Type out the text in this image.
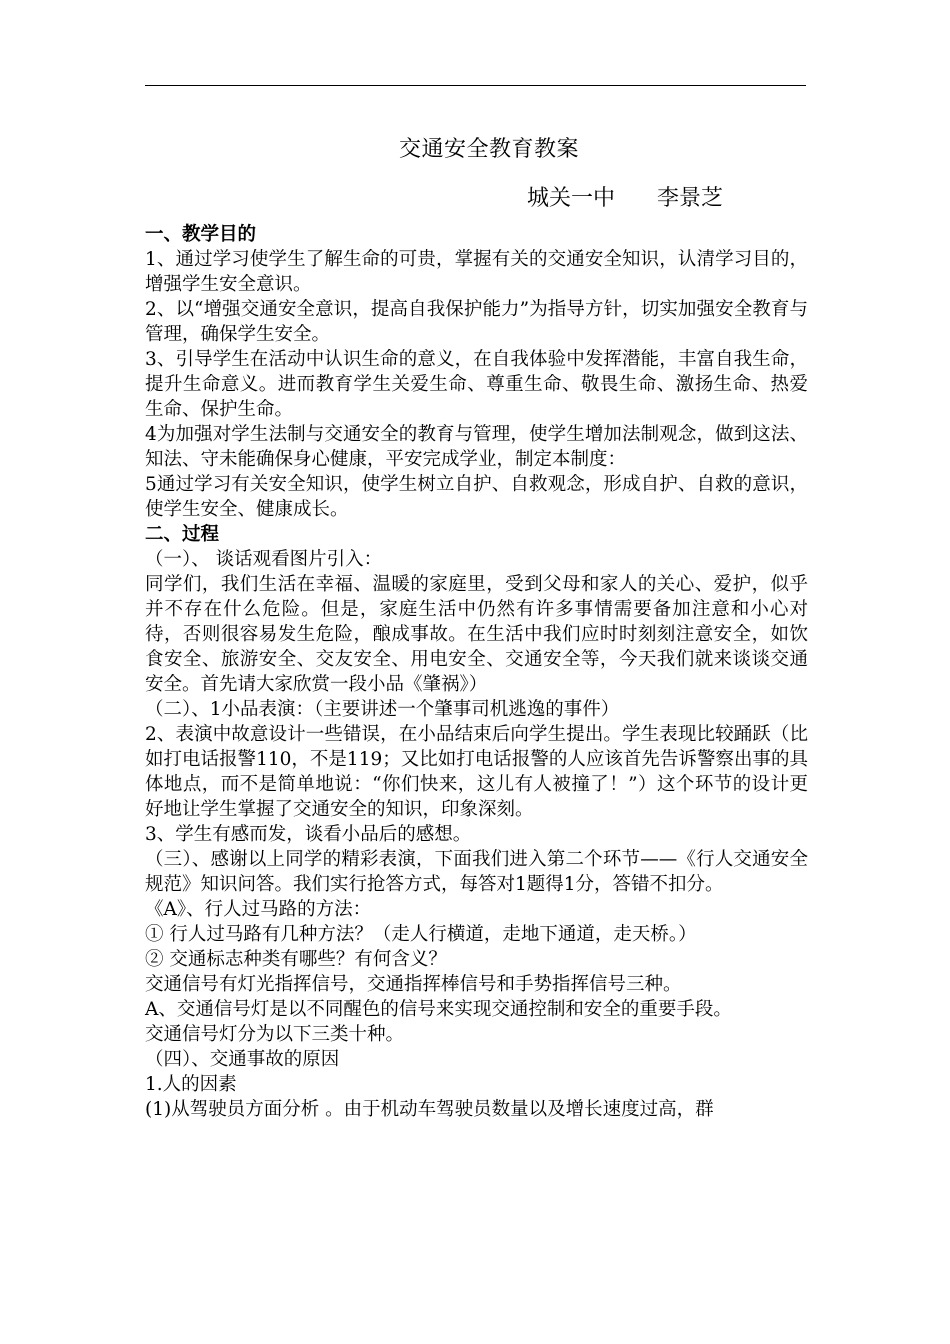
交通安全教育教案
城关一中      李景芝

一、教学目的

1、通过学习使学生了解生命的可贵，掌握有关的交通安全知识，认清学习目的，增强学生安全意识。

2、以“增强交通安全意识，提高自我保护能力”为指导方针，切实加强安全教育与管理，确保学生安全。

3、引导学生在活动中认识生命的意义，在自我体验中发挥潜能，丰富自我生命，提升生命意义。进而教育学生关爱生命、尊重生命、敬畏生命、激扬生命、热爱生命、保护生命。

4为加强对学生法制与交通安全的教育与管理，使学生增加法制观念，做到这法、知法、守未能确保身心健康，平安完成学业，制定本制度：

5通过学习有关安全知识，使学生树立自护、自救观念，形成自护、自救的意识，使学生安全、健康成长。

二、过程

（一）、 谈话观看图片引入：

同学们，我们生活在幸福、温暖的家庭里，受到父母和家人的关心、爱护，似乎并不存在什么危险。但是，家庭生活中仍然有许多事情需要备加注意和小心对待，否则很容易发生危险，酿成事故。在生活中我们应时时刻刻注意安全，如饮食安全、旅游安全、交友安全、用电安全、交通安全等，今天我们就来谈谈交通安全。首先请大家欣赏一段小品《肇祸》）

（二）、1小品表演：（主要讲述一个肇事司机逃逸的事件）

2、表演中故意设计一些错误，在小品结束后向学生提出。学生表现比较踊跃（比如打电话报警110，不是119；又比如打电话报警的人应该首先告诉警察出事的具体地点，而不是简单地说：“你们快来，这儿有人被撞了！”）这个环节的设计更好地让学生掌握了交通安全的知识，印象深刻。

3、学生有感而发，谈看小品后的感想。

（三）、感谢以上同学的精彩表演，下面我们进入第二个环节——《行人交通安全规范》知识问答。我们实行抢答方式，每答对1题得1分，答错不扣分。

《A》、行人过马路的方法：

① 行人过马路有几种方法？（走人行横道，走地下通道，走天桥。）

② 交通标志种类有哪些？有何含义？

交通信号有灯光指挥信号，交通指挥棒信号和手势指挥信号三种。

A、交通信号灯是以不同醒色的信号来实现交通控制和安全的重要手段。

交通信号灯分为以下三类十种。

（四）、交通事故的原因

1.人的因素

(1)从驾驶员方面分析 。由于机动车驾驶员数量以及增长速度过高，群
